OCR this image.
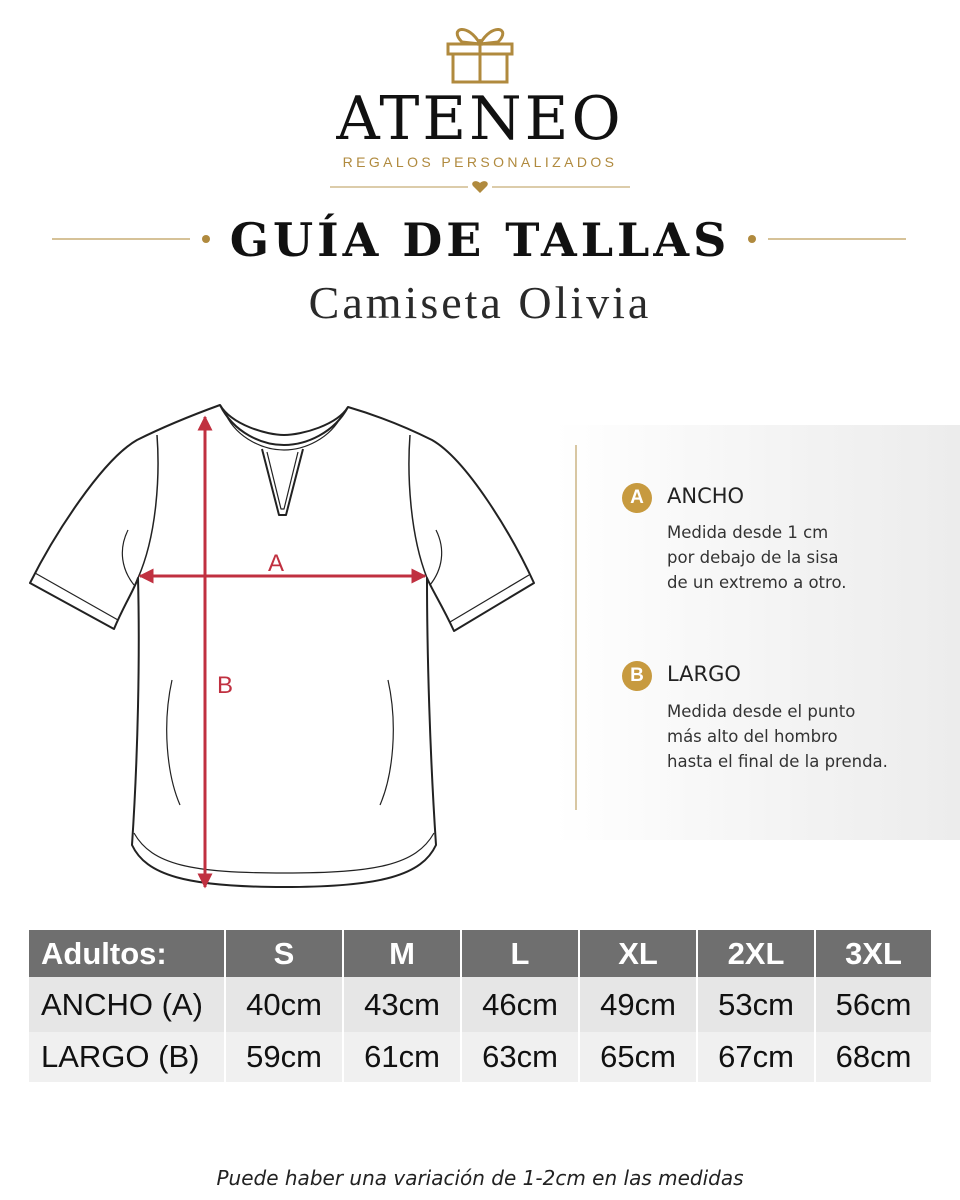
ATENEO
REGALOS PERSONALIZADOS
GUÍA DE TALLAS
Camiseta Olivia
A	ANCHO
Medida desde 1 cm
por debajo de la sisa
de un extremo a otro.
B	LARGO
Medida desde el punto
más alto del hombro
hasta el final de la prenda.
A
B
Adultos:	S	M	L	XL	2XL	3XL
ANCHO (A)	40cm	43cm	46cm	49cm	53cm	56cm
LARGO (B)	59cm	61cm	63cm	65cm	67cm	68cm
Puede haber una variación de 1-2cm en las medidas
